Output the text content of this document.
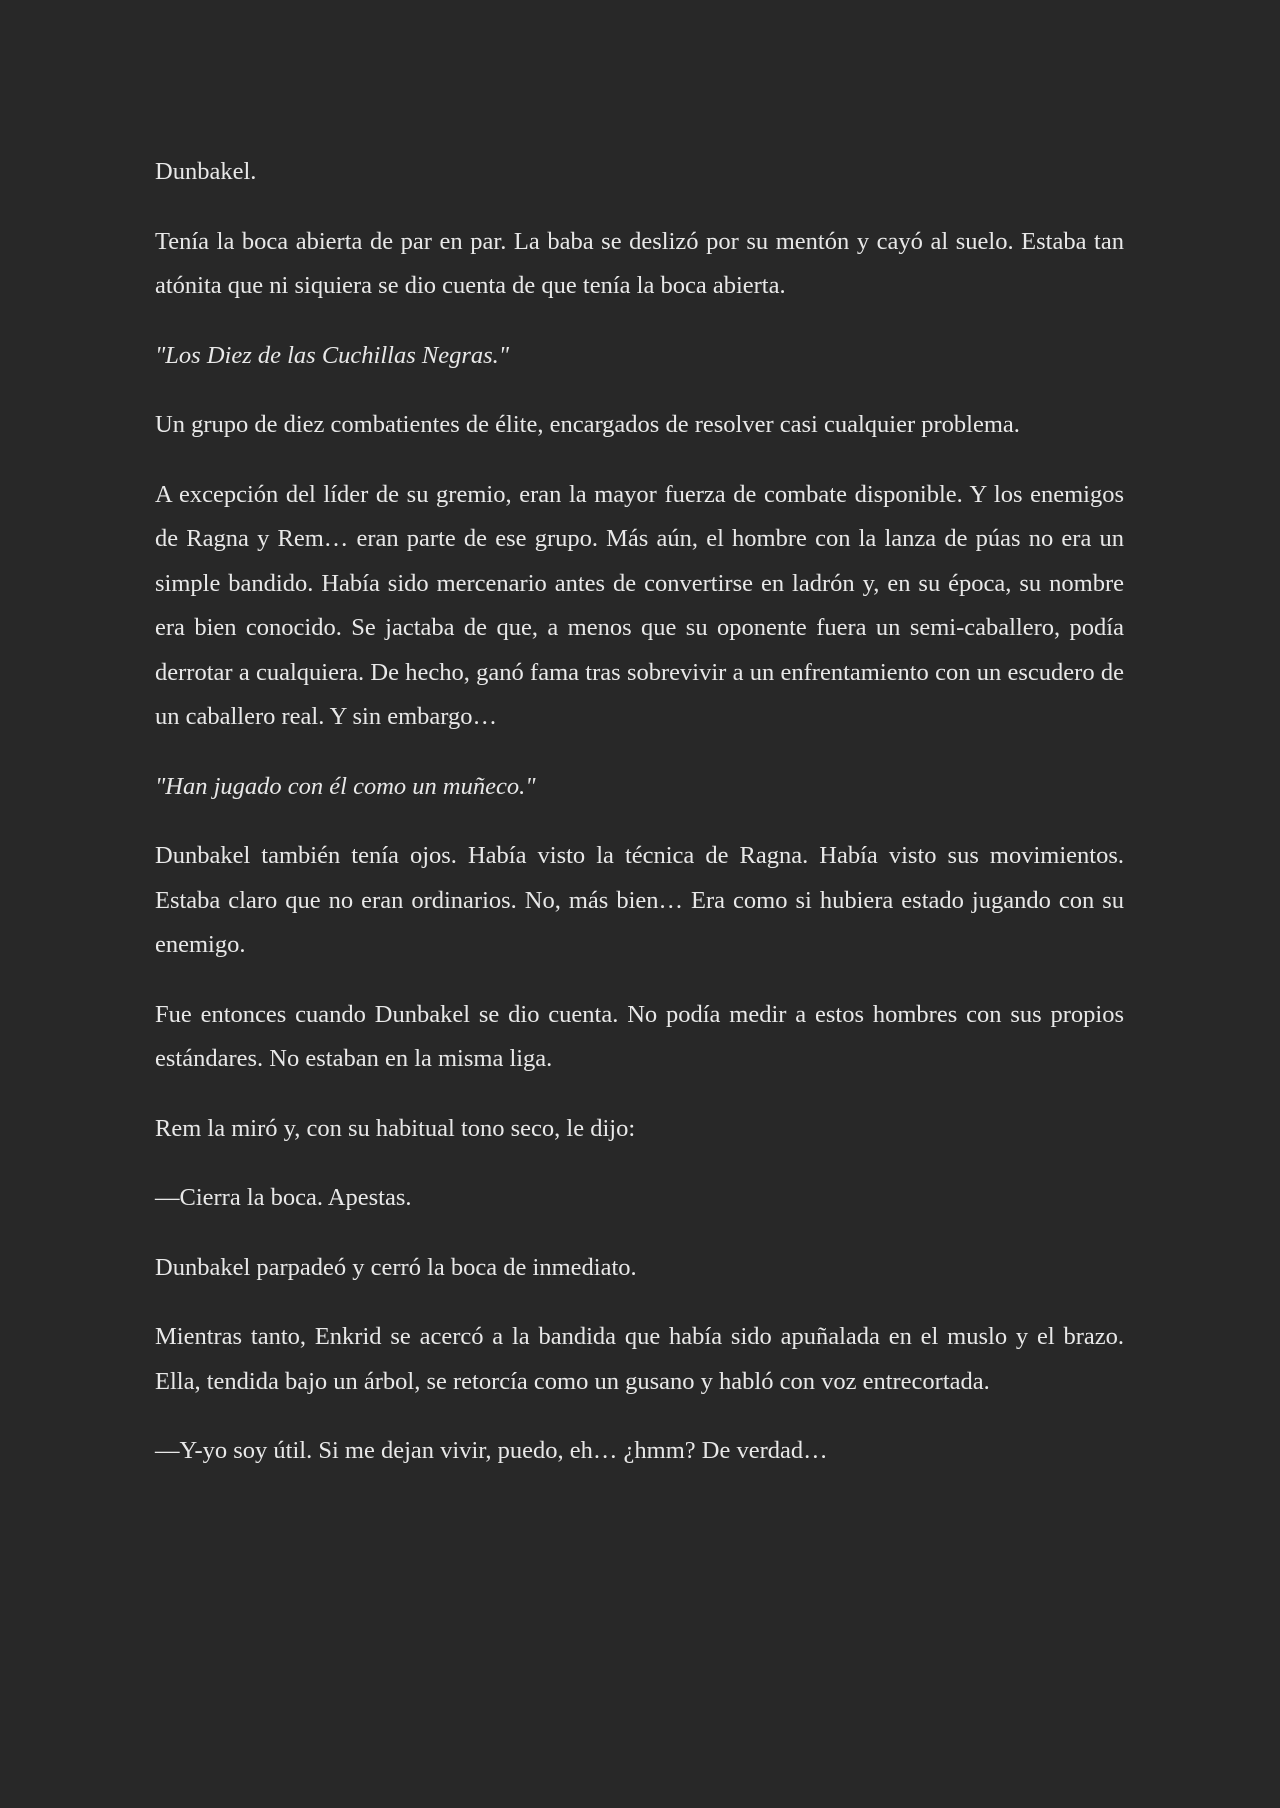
Dunbakel.

Tenía la boca abierta de par en par. La baba se deslizó por su mentón y cayó al suelo. Estaba tan atónita que ni siquiera se dio cuenta de que tenía la boca abierta.

"Los Diez de las Cuchillas Negras."

Un grupo de diez combatientes de élite, encargados de resolver casi cualquier problema.

A excepción del líder de su gremio, eran la mayor fuerza de combate disponible. Y los enemigos de Ragna y Rem… eran parte de ese grupo. Más aún, el hombre con la lanza de púas no era un simple bandido. Había sido mercenario antes de convertirse en ladrón y, en su época, su nombre era bien conocido. Se jactaba de que, a menos que su oponente fuera un semi-caballero, podía derrotar a cualquiera. De hecho, ganó fama tras sobrevivir a un enfrentamiento con un escudero de un caballero real. Y sin embargo…

"Han jugado con él como un muñeco."

Dunbakel también tenía ojos. Había visto la técnica de Ragna. Había visto sus movimientos. Estaba claro que no eran ordinarios. No, más bien… Era como si hubiera estado jugando con su enemigo.

Fue entonces cuando Dunbakel se dio cuenta. No podía medir a estos hombres con sus propios estándares. No estaban en la misma liga.

Rem la miró y, con su habitual tono seco, le dijo:

—Cierra la boca. Apestas.

Dunbakel parpadeó y cerró la boca de inmediato.

Mientras tanto, Enkrid se acercó a la bandida que había sido apuñalada en el muslo y el brazo. Ella, tendida bajo un árbol, se retorcía como un gusano y habló con voz entrecortada.

—Y-yo soy útil. Si me dejan vivir, puedo, eh… ¿hmm? De verdad…
